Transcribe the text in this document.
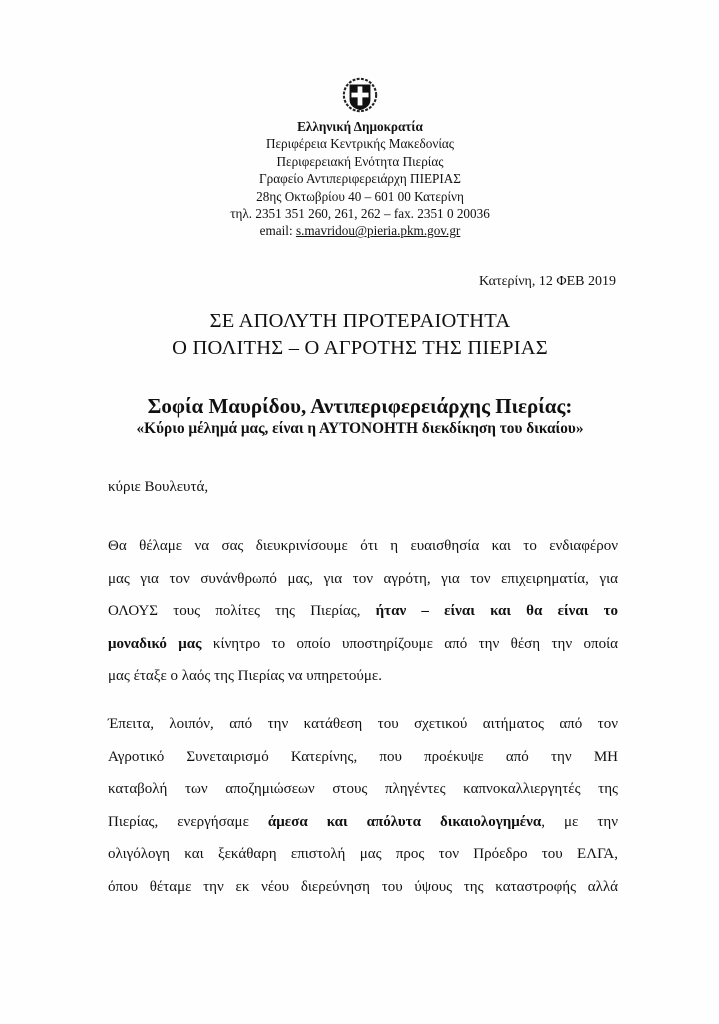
Ελληνική Δημοκρατία
Περιφέρεια Κεντρικής Μακεδονίας
Περιφερειακή Ενότητα Πιερίας
Γραφείο Αντιπεριφερειάρχη ΠΙΕΡΙΑΣ
28ης Οκτωβρίου 40 – 601 00 Κατερίνη
τηλ. 2351 351 260, 261, 262 – fax. 2351 0 20036
email: s.mavridou@pieria.pkm.gov.gr
Κατερίνη, 12 ΦΕΒ 2019
ΣΕ ΑΠΟΛΥΤΗ ΠΡΟΤΕΡΑΙΟΤΗΤΑ
Ο ΠΟΛΙΤΗΣ – Ο ΑΓΡΟΤΗΣ ΤΗΣ ΠΙΕΡΙΑΣ
Σοφία Μαυρίδου, Αντιπεριφερειάρχης Πιερίας:
«Κύριο μέλημά μας, είναι η ΑΥΤΟΝΟΗΤΗ διεκδίκηση του δικαίου»
κύριε Βουλευτά,
Θα θέλαμε να σας διευκρινίσουμε ότι η ευαισθησία και το ενδιαφέρον
μας για τον συνάνθρωπό μας, για τον αγρότη, για τον επιχειρηματία, για
ΟΛΟΥΣ τους πολίτες της Πιερίας, ήταν – είναι και θα είναι το
μοναδικό μας κίνητρο το οποίο υποστηρίζουμε από την θέση την οποία
μας έταξε ο λαός της Πιερίας να υπηρετούμε.
Έπειτα, λοιπόν, από την κατάθεση του σχετικού αιτήματος από τον
Αγροτικό Συνεταιρισμό Κατερίνης, που προέκυψε από την ΜΗ
καταβολή των αποζημιώσεων στους πληγέντες καπνοκαλλιεργητές της
Πιερίας, ενεργήσαμε άμεσα και απόλυτα δικαιολογημένα, με την
ολιγόλογη και ξεκάθαρη επιστολή μας προς τον Πρόεδρο του ΕΛΓΑ,
όπου θέταμε την εκ νέου διερεύνηση του ύψους της καταστροφής αλλά
